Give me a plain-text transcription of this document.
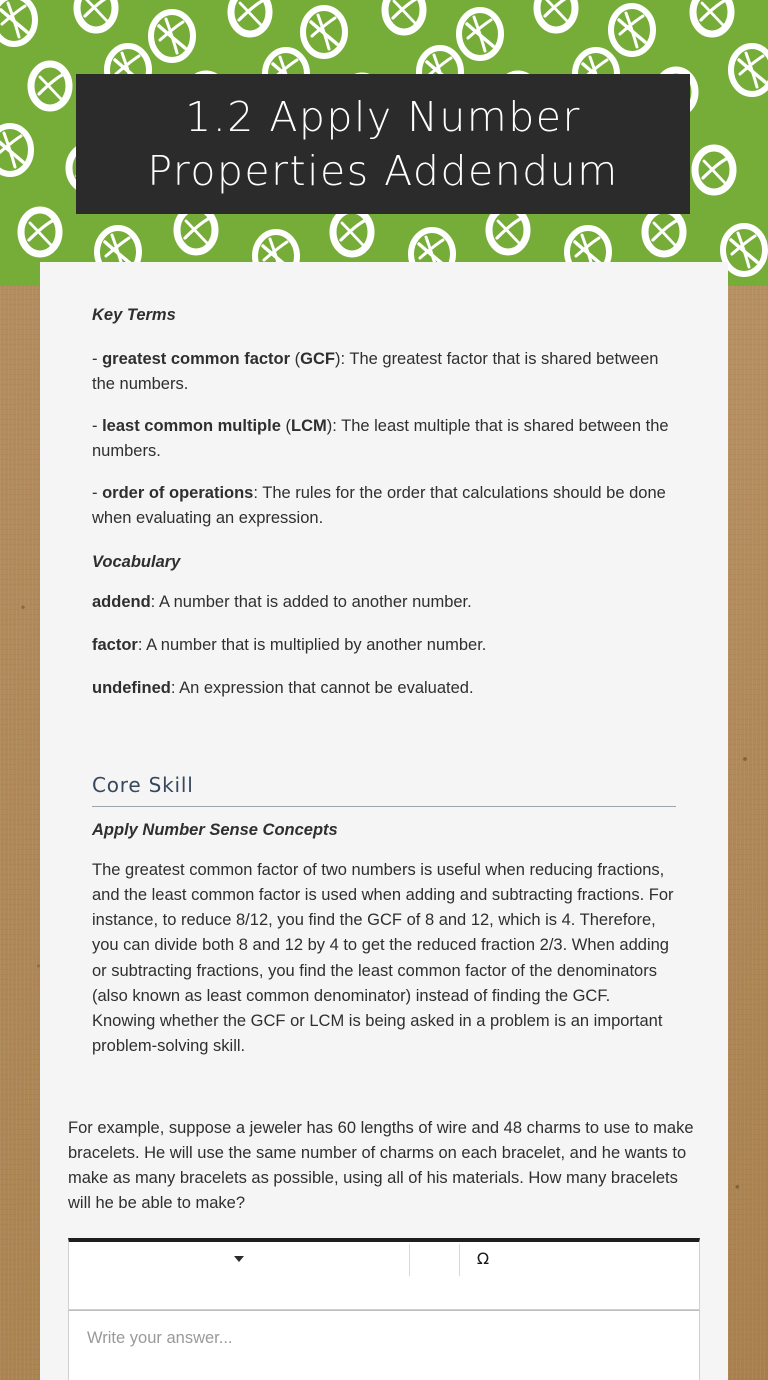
1.2 Apply Number Properties Addendum
Key Terms

- greatest common factor (GCF): The greatest factor that is shared between the numbers.

- least common multiple (LCM): The least multiple that is shared between the numbers.

- order of operations: The rules for the order that calculations should be done when evaluating an expression.

Vocabulary

addend: A number that is added to another number.

factor: A number that is multiplied by another number.

undefined: An expression that cannot be evaluated.

Core Skill
Apply Number Sense Concepts

The greatest common factor of two numbers is useful when reducing fractions, and the least common factor is used when adding and subtracting fractions. For instance, to reduce 8/12, you find the GCF of 8 and 12, which is 4. Therefore, you can divide both 8 and 12 by 4 to get the reduced fraction 2/3. When adding or subtracting fractions, you find the least common factor of the denominators (also known as least common denominator) instead of finding the GCF. Knowing whether the GCF or LCM is being asked in a problem is an important problem-solving skill.

For example, suppose a jeweler has 60 lengths of wire and 48 charms to use to make bracelets. He will use the same number of charms on each bracelet, and he wants to make as many bracelets as possible, using all of his materials. How many bracelets will he be able to make?

Ω
Write your answer...
